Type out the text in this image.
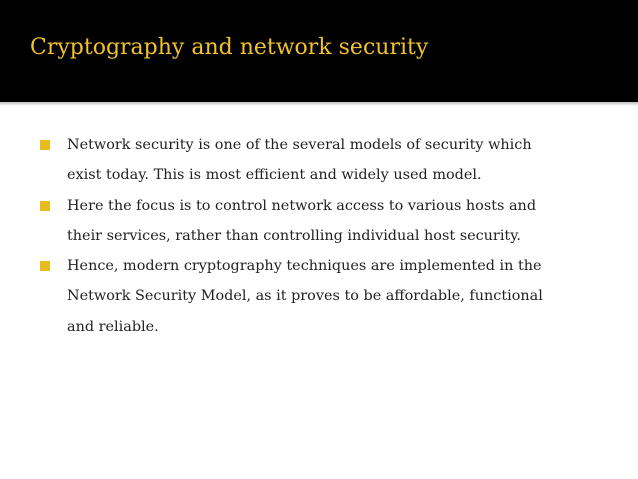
Cryptography and network security
Network security is one of the several models of security which
exist today. This is most efficient and widely used model.
Here the focus is to control network access to various hosts and
their services, rather than controlling individual host security.
Hence, modern cryptography techniques are implemented in the
Network Security Model, as it proves to be affordable, functional
and reliable.
